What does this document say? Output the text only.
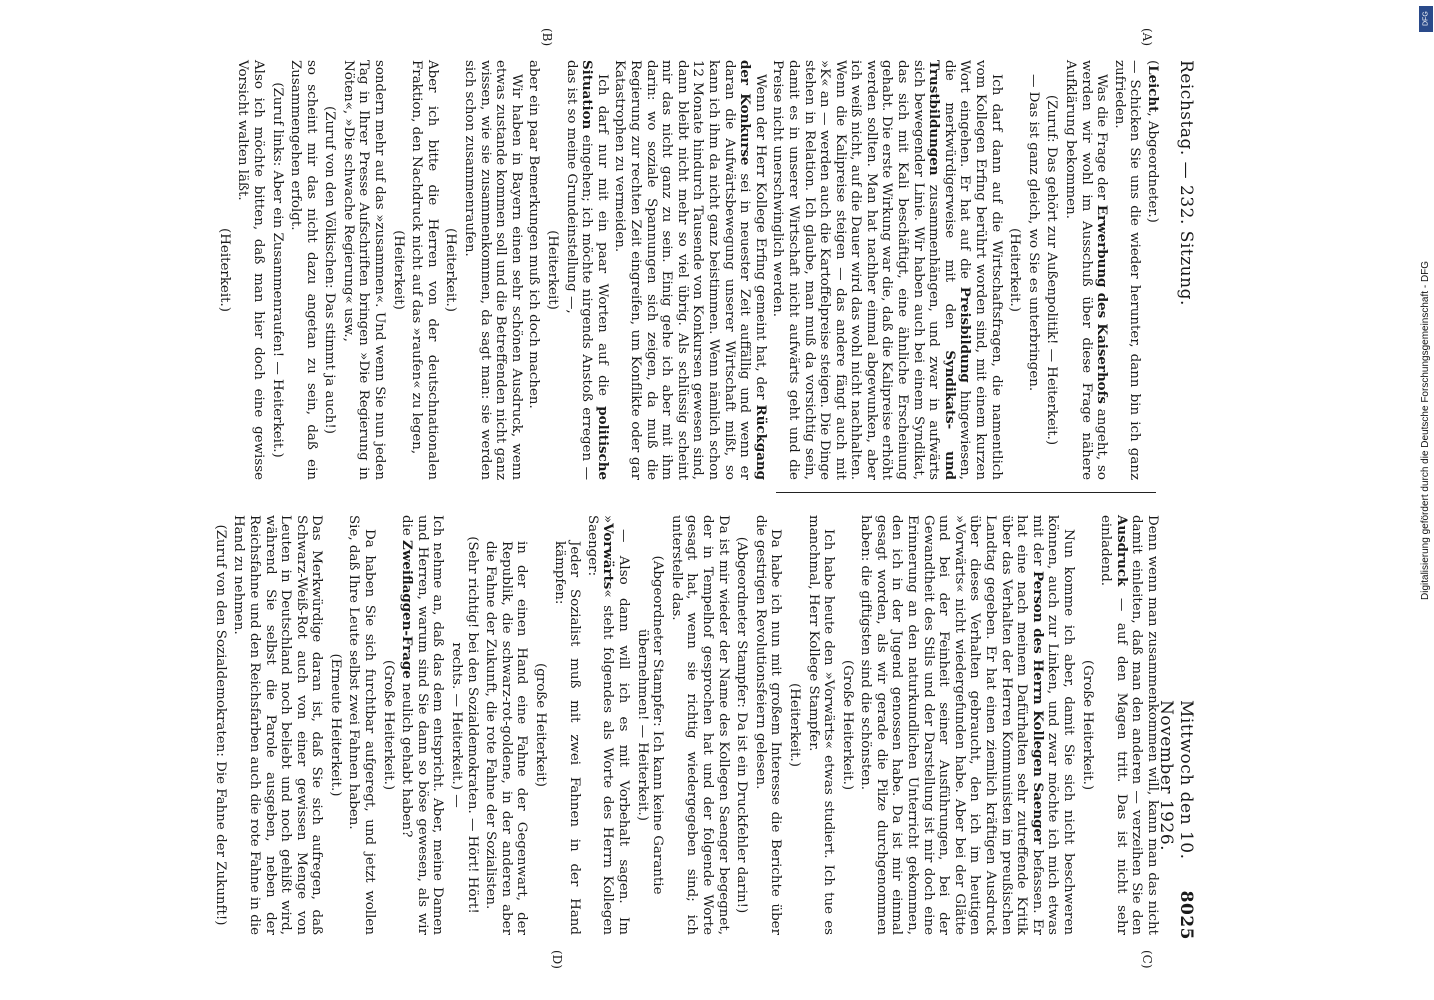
Reichstag. — 232. Sitzung.
Mittwoch den 10. November 1926.
8025
(A)
(B)
(C)
(D)

(Leicht, Abgeordneter.)

— Schicken Sie uns die wieder herunter, dann bin ich ganz zufrieden.

Was die Frage der Erwerbung des Kaiserhofs angeht, so werden wir wohl im Ausschuß über diese Frage nähere Aufklärung bekommen.

(Zuruf: Das gehört zur Außenpolitik! — Heiterkeit.)

— Das ist ganz gleich, wo Sie es unterbringen.

(Heiterkeit.)

Ich darf dann auf die Wirtschaftsfragen, die namentlich vom Kollegen Erfing berührt worden sind, mit einem kurzen Wort eingehen. Er hat auf die Preisbildung hingewiesen, die merkwürdigerweise mit den Syndikats- und Trustbildungen zusammenhängen, und zwar in aufwärts sich bewegender Linie. Wir haben auch bei einem Syndikat, das sich mit Kali beschäftigt, eine ähnliche Erscheinung gehabt. Die erste Wirkung war die, daß die Kalipreise erhöht werden sollten. Man hat nachher einmal abgewunken, aber ich weiß nicht, auf die Dauer wird das wohl nicht nachhalten. Wenn die Kalipreise steigen — das andere fängt auch mit »K« an — werden auch die Kartoffelpreise steigen. Die Dinge stehen in Relation. Ich glaube, man muß da vorsichtig sein, damit es in unserer Wirtschaft nicht aufwärts geht und die Preise nicht unerschwinglich werden.

Wenn der Herr Kollege Erfing gemeint hat, der Rückgang der Konkurse sei in neuester Zeit auffällig und wenn er daran die Aufwärtsbewegung unserer Wirtschaft mißt, so kann ich ihm da nicht ganz beistimmen. Wenn nämlich schon 12 Monate hindurch Tausende von Konkursen gewesen sind, dann bleibt nicht mehr so viel übrig. Als schlüssig scheint mir das nicht ganz zu sein. Einig gehe ich aber mit ihm darin: wo soziale Spannungen sich zeigen, da muß die Regierung zur rechten Zeit eingreifen, um Konflikte oder gar Katastrophen zu vermeiden.

Ich darf nur mit ein paar Worten auf die politische Situation eingehen; ich möchte nirgends Anstoß erregen — das ist so meine Grundeinstellung —,

(Heiterkeit)

aber ein paar Bemerkungen muß ich doch machen.

Wir haben in Bayern einen sehr schönen Ausdruck, wenn etwas zustande kommen soll und die Betreffenden nicht ganz wissen, wie sie zusammenkommen, da sagt man: sie werden sich schon zusammenraufen.

(Heiterkeit.)

Aber ich bitte die Herren von der deutschnationalen Fraktion, den Nachdruck nicht auf das »raufen« zu legen,

(Heiterkeit)

sondern mehr auf das »zusammen«. Und wenn Sie nun jeden Tag in Ihrer Presse Aufschriften bringen »Die Regierung in Nöten«, »Die schwache Regierung« usw.,

(Zuruf von den Völkischen: Das stimmt ja auch!)

so scheint mir das nicht dazu angetan zu sein, daß ein Zusammengehen erfolgt.

(Zuruf links: Aber ein Zusammenraufen! — Heiterkeit.)

Also ich möchte bitten, daß man hier doch eine gewisse Vorsicht walten läßt.

(Heiterkeit.)

Denn wenn man zusammenkommen will, kann man das nicht damit einleiten, daß man den anderen — verzeihen Sie den Ausdruck — auf den Magen tritt. Das ist nicht sehr einladend.

(Große Heiterkeit.)

Nun komme ich aber, damit Sie sich nicht beschweren können, auch zur Linken, und zwar möchte ich mich etwas mit der Person des Herrn Kollegen Saenger befassen. Er hat eine nach meinem Dafürhalten sehr zutreffende Kritik über das Verhalten der Herren Kommunisten im preußischen Landtag gegeben. Er hat einen ziemlich kräftigen Ausdruck über dieses Verhalten gebraucht, den ich im heutigen »Vorwärts« nicht wiedergefunden habe. Aber bei der Glätte und bei der Feinheit seiner Ausführungen, bei der Gewandtheit des Stils und der Darstellung ist mir doch eine Erinnerung an den naturkundlichen Unterricht gekommen, den ich in der Jugend genossen habe. Da ist mir einmal gesagt worden, als wir gerade die Pilze durchgenommen haben: die giftigsten sind die schönsten.

(Große Heiterkeit.)

Ich habe heute den »Vorwärts« etwas studiert. Ich tue es manchmal, Herr Kollege Stampfer.

(Heiterkeit.)

Da habe ich nun mit großem Interesse die Berichte über die gestrigen Revolutionsfeiern gelesen.

(Abgeordneter Stampfer: Da ist ein Druckfehler darin!)

Da ist mir wieder der Name des Kollegen Saenger begegnet, der in Tempelhof gesprochen hat und der folgende Worte gesagt hat, wenn sie richtig wiedergegeben sind; ich unterstelle das.

(Abgeordneter Stampfer: Ich kann keine Garantie übernehmen! — Heiterkeit.)

— Also dann will ich es mit Vorbehalt sagen. Im »Vorwärts« steht folgendes als Worte des Herrn Kollegen Saenger:

Jeder Sozialist muß mit zwei Fahnen in der Hand kämpfen:

(große Heiterkeit)

in der einen Hand eine Fahne der Gegenwart, der Republik, die schwarz-rot-goldene, in der anderen aber die Fahne der Zukunft, die rote Fahne der Sozialisten.

(Sehr richtig! bei den Sozialdemokraten. — Hört! Hört! rechts. — Heiterkeit.) —

Ich nehme an, daß das dem entspricht. Aber, meine Damen und Herren, warum sind Sie dann so böse gewesen, als wir die Zweiflaggen-Frage neulich gehabt haben?

(Große Heiterkeit.)

Da haben Sie sich furchtbar aufgeregt, und jetzt wollen Sie, daß Ihre Leute selbst zwei Fahnen haben.

(Erneute Heiterkeit.)

Das Merkwürdige daran ist, daß Sie sich aufregen, daß Schwarz-Weiß-Rot auch von einer gewissen Menge von Leuten in Deutschland noch beliebt und noch gehißt wird, während Sie selbst die Parole ausgeben, neben der Reichsfahne und den Reichsfarben auch die rote Fahne in die Hand zu nehmen.

(Zuruf von den Sozialdemokraten: Die Fahne der Zukunft!)

Digitalisierung gefördert durch die Deutsche Forschungsgemeinschaft - DFG
DFG
